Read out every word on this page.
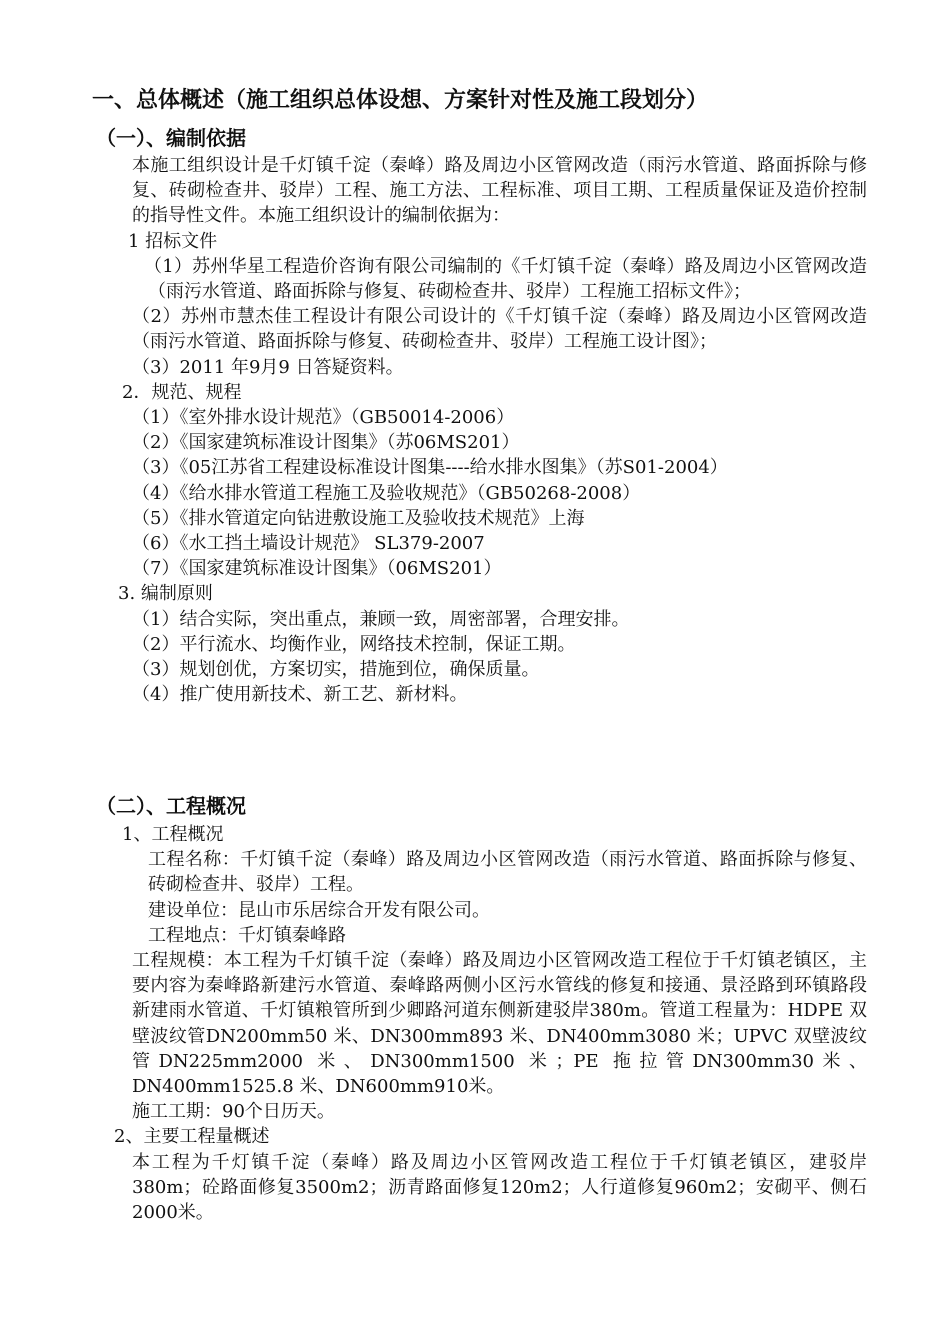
一、总体概述（施工组织总体设想、方案针对性及施工段划分）
（一）、编制依据

本施工组织设计是千灯镇千淀（秦峰）路及周边小区管网改造（雨污水管道、路面拆除与修复、砖砌检查井、驳岸）工程、施工方法、工程标准、项目工期、工程质量保证及造价控制的指导性文件。本施工组织设计的编制依据为：

1 招标文件

（1）苏州华星工程造价咨询有限公司编制的《千灯镇千淀（秦峰）路及周边小区管网改造（雨污水管道、路面拆除与修复、砖砌检查井、驳岸）工程施工招标文件》；

（2）苏州市慧杰佳工程设计有限公司设计的《千灯镇千淀（秦峰）路及周边小区管网改造（雨污水管道、路面拆除与修复、砖砌检查井、驳岸）工程施工设计图》；

（3）2011 年9月9 日答疑资料。

2．规范、规程

（1）《室外排水设计规范》（GB50014-2006）

（2）《国家建筑标准设计图集》（苏06MS201）

（3）《05江苏省工程建设标准设计图集----给水排水图集》（苏S01-2004）

（4）《给水排水管道工程施工及验收规范》（GB50268-2008）

（5）《排水管道定向钻进敷设施工及验收技术规范》上海

（6）《水工挡土墙设计规范》 SL379-2007

（7）《国家建筑标准设计图集》（06MS201）

3. 编制原则

（1）结合实际，突出重点，兼顾一致，周密部署，合理安排。

（2）平行流水、均衡作业，网络技术控制，保证工期。

（3）规划创优，方案切实，措施到位，确保质量。

（4）推广使用新技术、新工艺、新材料。

（二）、工程概况

1、工程概况

工程名称：千灯镇千淀（秦峰）路及周边小区管网改造（雨污水管道、路面拆除与修复、砖砌检查井、驳岸）工程。

建设单位：昆山市乐居综合开发有限公司。

工程地点：千灯镇秦峰路

工程规模：本工程为千灯镇千淀（秦峰）路及周边小区管网改造工程位于千灯镇老镇区，主要内容为秦峰路新建污水管道、秦峰路两侧小区污水管线的修复和接通、景泾路到环镇路段新建雨水管道、千灯镇粮管所到少卿路河道东侧新建驳岸380m。管道工程量为：HDPE 双壁波纹管DN200mm50 米、DN300mm893 米、DN400mm3080 米；UPVC 双壁波纹管DN225mm2000 米、DN300mm1500 米；PE 拖拉管DN300mm30米、DN400mm1525.8 米、DN600mm910米。

施工工期：90个日历天。

2、主要工程量概述

本工程为千灯镇千淀（秦峰）路及周边小区管网改造工程位于千灯镇老镇区，建驳岸380m；砼路面修复3500m2；沥青路面修复120m2；人行道修复960m2；安砌平、侧石2000米。
